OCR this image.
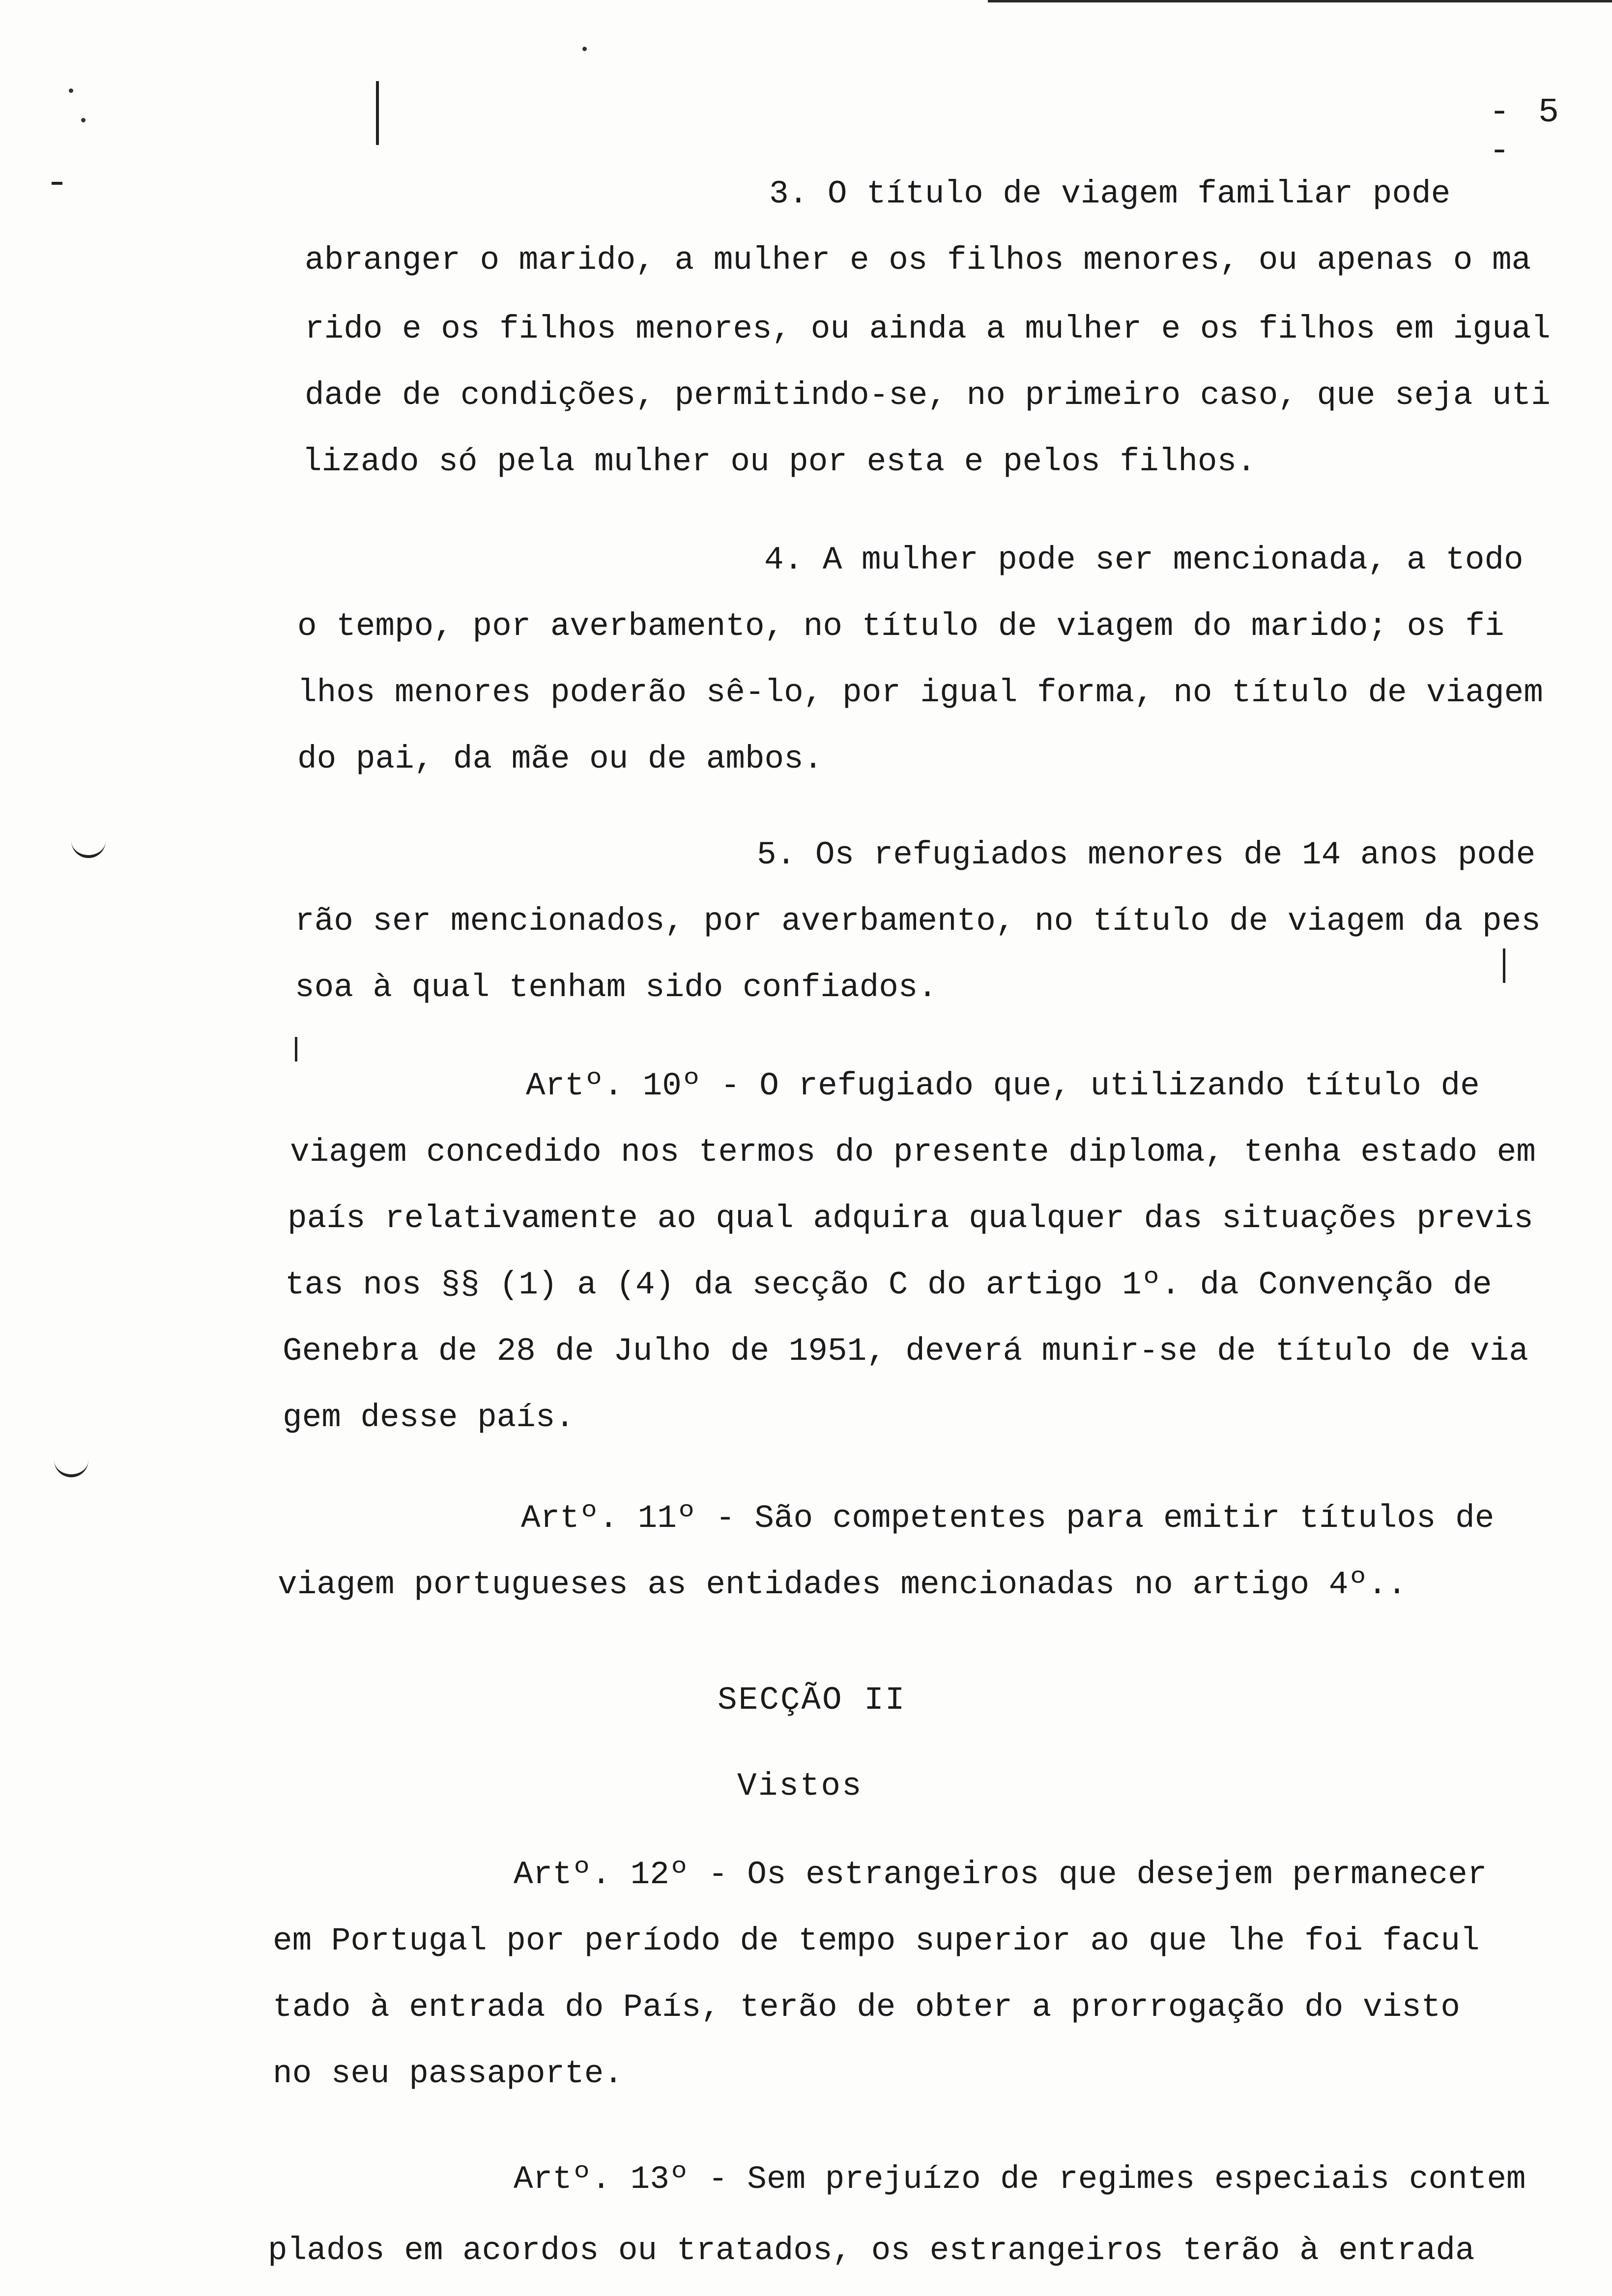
- 5 -
3. O título de viagem familiar pode
abranger o marido, a mulher e os filhos menores, ou apenas o ma
rido e os filhos menores, ou ainda a mulher e os filhos em igual
dade de condições, permitindo-se, no primeiro caso, que seja uti
lizado só pela mulher ou por esta e pelos filhos.
4. A mulher pode ser mencionada, a todo
o tempo, por averbamento, no título de viagem do marido; os fi
lhos menores poderão sê-lo, por igual forma, no título de viagem
do pai, da mãe ou de ambos.
5. Os refugiados menores de 14 anos pode
rão ser mencionados, por averbamento, no título de viagem da pes
soa à qual tenham sido confiados.
Artº. 10º - O refugiado que, utilizando título de
viagem concedido nos termos do presente diploma, tenha estado em
país relativamente ao qual adquira qualquer das situações previs
tas nos §§ (1) a (4) da secção C do artigo 1º. da Convenção de
Genebra de 28 de Julho de 1951, deverá munir-se de título de via
gem desse país.
Artº. 11º - São competentes para emitir títulos de
viagem portugueses as entidades mencionadas no artigo 4º..
SECÇÃO II
Vistos
Artº. 12º - Os estrangeiros que desejem permanecer
em Portugal por período de tempo superior ao que lhe foi facul
tado à entrada do País, terão de obter a prorrogação do visto
no seu passaporte.
Artº. 13º - Sem prejuízo de regimes especiais contem
plados em acordos ou tratados, os estrangeiros terão à entrada
